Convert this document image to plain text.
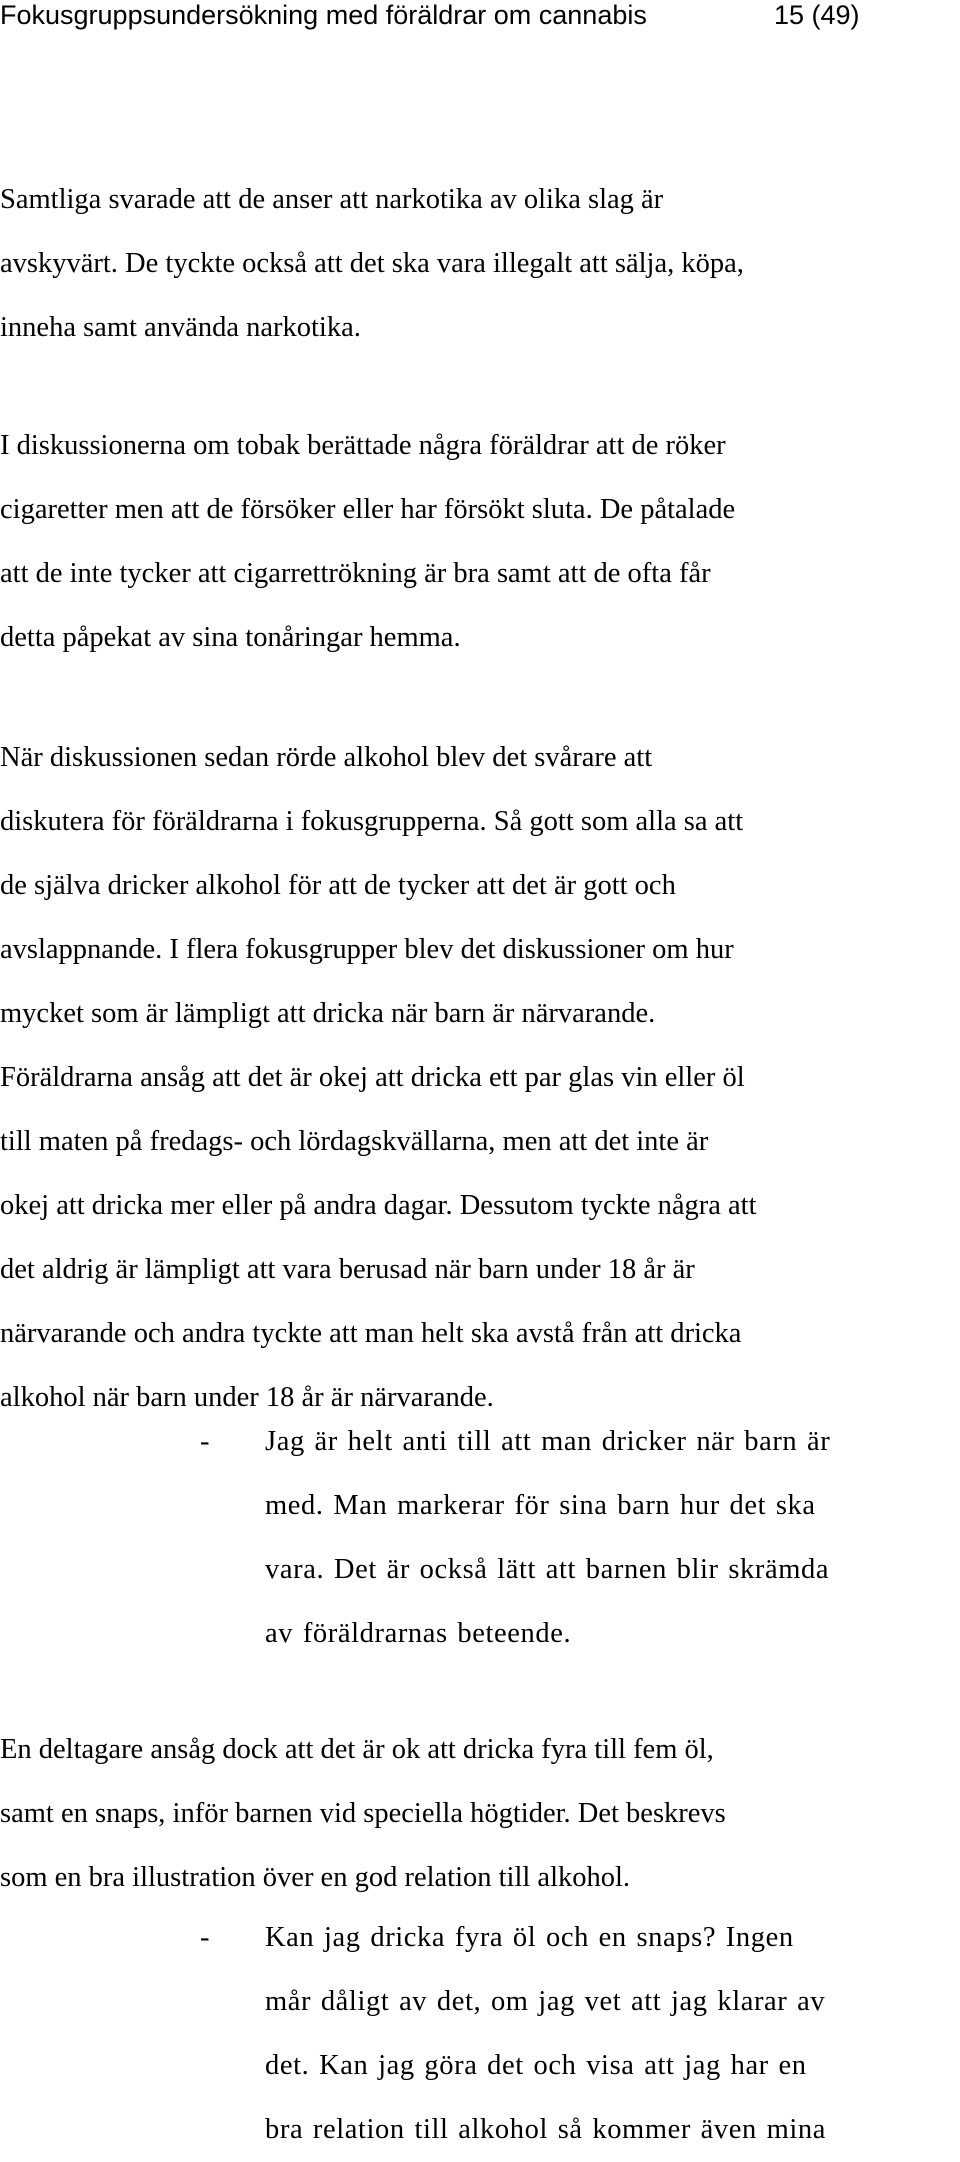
Fokusgruppsundersökning med föräldrar om cannabis	15 (49)

Samtliga svarade att de anser att narkotika av olika slag är
avskyvärt. De tyckte också att det ska vara illegalt att sälja, köpa,
inneha samt använda narkotika.

I diskussionerna om tobak berättade några föräldrar att de röker
cigaretter men att de försöker eller har försökt sluta. De påtalade
att de inte tycker att cigarrettrökning är bra samt att de ofta får
detta påpekat av sina tonåringar hemma.

När diskussionen sedan rörde alkohol blev det svårare att
diskutera för föräldrarna i fokusgrupperna. Så gott som alla sa att
de själva dricker alkohol för att de tycker att det är gott och
avslappnande. I flera fokusgrupper blev det diskussioner om hur
mycket som är lämpligt att dricka när barn är närvarande.
Föräldrarna ansåg att det är okej att dricka ett par glas vin eller öl
till maten på fredags- och lördagskvällarna, men att det inte är
okej att dricka mer eller på andra dagar. Dessutom tyckte några att
det aldrig är lämpligt att vara berusad när barn under 18 år är
närvarande och andra tyckte att man helt ska avstå från att dricka
alkohol när barn under 18 år är närvarande.

-	Jag är helt anti till att man dricker när barn är
med. Man markerar för sina barn hur det ska
vara. Det är också lätt att barnen blir skrämda
av föräldrarnas beteende.

En deltagare ansåg dock att det är ok att dricka fyra till fem öl,
samt en snaps, inför barnen vid speciella högtider. Det beskrevs
som en bra illustration över en god relation till alkohol.

-	Kan jag dricka fyra öl och en snaps? Ingen
mår dåligt av det, om jag vet att jag klarar av
det. Kan jag göra det och visa att jag har en
bra relation till alkohol så kommer även mina
